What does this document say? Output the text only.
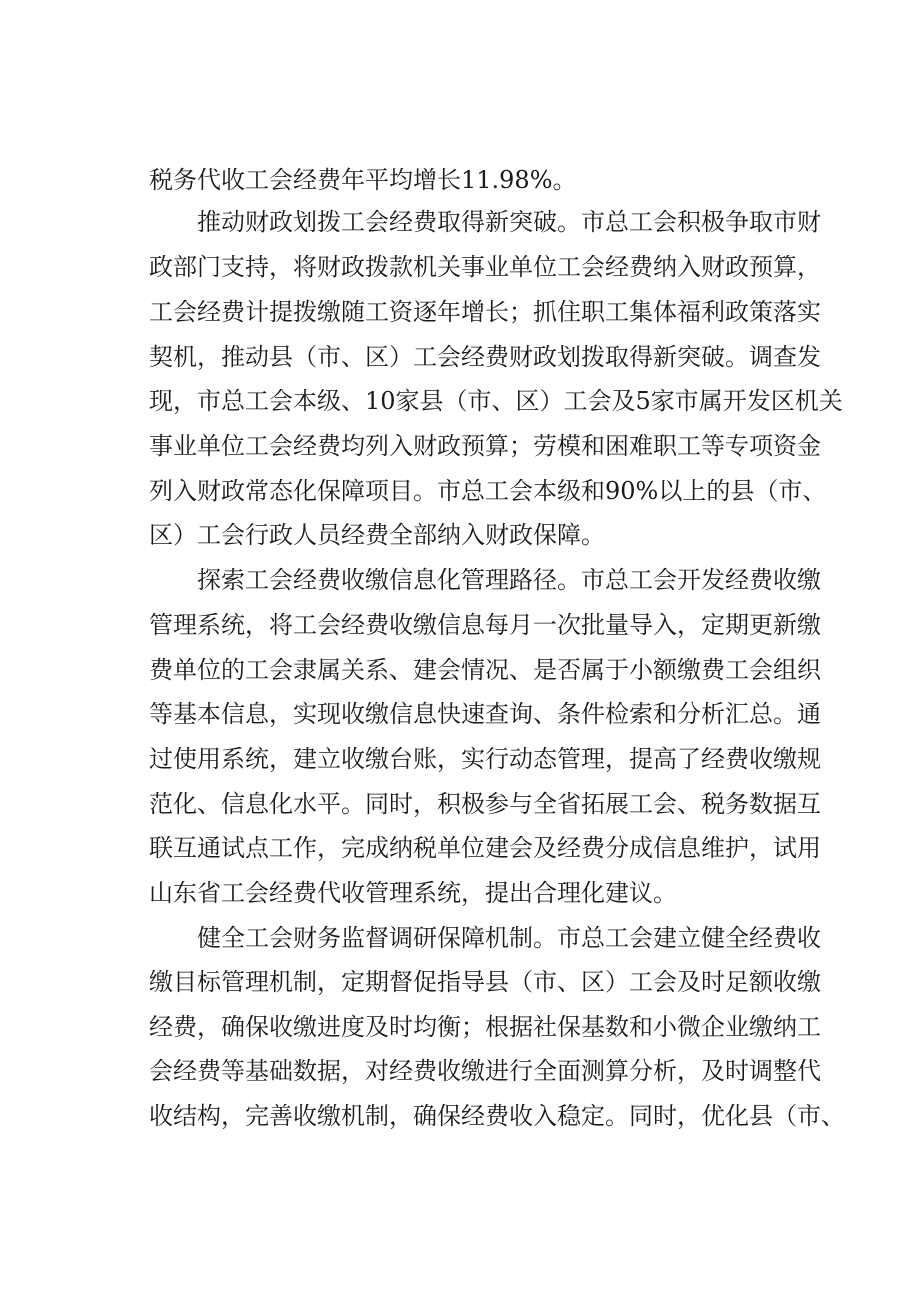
税务代收工会经费年平均增长11.98%。
推动财政划拨工会经费取得新突破。市总工会积极争取市财
政部门支持，将财政拨款机关事业单位工会经费纳入财政预算，
工会经费计提拨缴随工资逐年增长；抓住职工集体福利政策落实
契机，推动县（市、区）工会经费财政划拨取得新突破。调查发
现，市总工会本级、10家县（市、区）工会及5家市属开发区机关
事业单位工会经费均列入财政预算；劳模和困难职工等专项资金
列入财政常态化保障项目。市总工会本级和90%以上的县（市、
区）工会行政人员经费全部纳入财政保障。
探索工会经费收缴信息化管理路径。市总工会开发经费收缴
管理系统，将工会经费收缴信息每月一次批量导入，定期更新缴
费单位的工会隶属关系、建会情况、是否属于小额缴费工会组织
等基本信息，实现收缴信息快速查询、条件检索和分析汇总。通
过使用系统，建立收缴台账，实行动态管理，提高了经费收缴规
范化、信息化水平。同时，积极参与全省拓展工会、税务数据互
联互通试点工作，完成纳税单位建会及经费分成信息维护，试用
山东省工会经费代收管理系统，提出合理化建议。
健全工会财务监督调研保障机制。市总工会建立健全经费收
缴目标管理机制，定期督促指导县（市、区）工会及时足额收缴
经费，确保收缴进度及时均衡；根据社保基数和小微企业缴纳工
会经费等基础数据，对经费收缴进行全面测算分析，及时调整代
收结构，完善收缴机制，确保经费收入稳定。同时，优化县（市、
